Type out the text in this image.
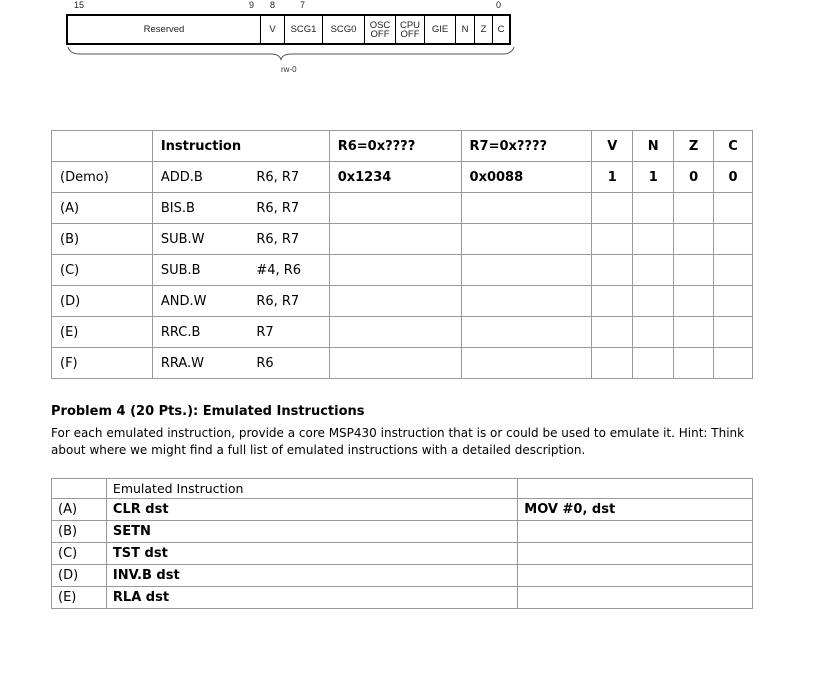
15	9 8	7	0
Reserved	V	SCG1	SCG0	OSC
OFF
CPU
OFF	GIE	N	Z	C
rw-0
	Instruction		R6=0x????	R7=0x????	V	N	Z	C
(Demo)	ADD.B	R6, R7	0x1234	0x0088	1	1	0	0
(A)	BIS.B	R6, R7						
(B)	SUB.W	R6, R7						
(C)	SUB.B	#4, R6						
(D)	AND.W	R6, R7						
(E)	RRC.B	R7						
(F)	RRA.W	R6						
Problem 4 (20 Pts.): Emulated Instructions
For each emulated instruction, provide a core MSP430 instruction that is or could be used to emulate it. Hint: Think about where we might find a full list of emulated instructions with a detailed description.
	Emulated Instruction	
(A)	CLR dst	MOV #0, dst
(B)	SETN	
(C)	TST dst	
(D)	INV.B dst	
(E)	RLA dst	
